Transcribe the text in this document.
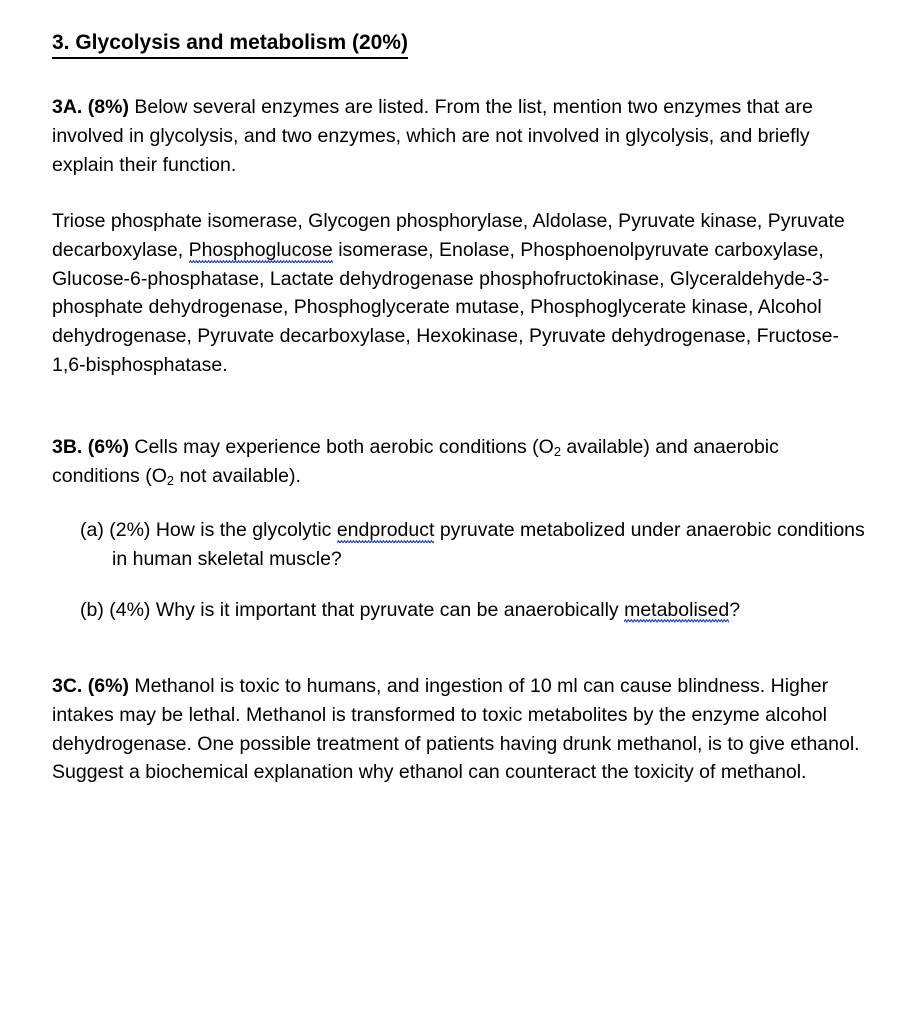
3. Glycolysis and metabolism (20%)

3A. (8%) Below several enzymes are listed. From the list, mention two enzymes that are involved in glycolysis, and two enzymes, which are not involved in glycolysis, and briefly explain their function.

Triose phosphate isomerase, Glycogen phosphorylase, Aldolase, Pyruvate kinase, Pyruvate decarboxylase, Phosphoglucose isomerase, Enolase, Phosphoenolpyruvate carboxylase, Glucose-6-phosphatase, Lactate dehydrogenase phosphofructokinase, Glyceraldehyde-3-phosphate dehydrogenase, Phosphoglycerate mutase, Phosphoglycerate kinase, Alcohol dehydrogenase, Pyruvate decarboxylase, Hexokinase, Pyruvate dehydrogenase, Fructose-1,6-bisphosphatase.

3B. (6%) Cells may experience both aerobic conditions ($O_2$ available) and anaerobic conditions ($O_2$ not available).

(a) (2%) How is the glycolytic endproduct pyruvate metabolized under anaerobic conditions in human skeletal muscle?

(b) (4%) Why is it important that pyruvate can be anaerobically metabolised?

3C. (6%) Methanol is toxic to humans, and ingestion of 10 ml can cause blindness. Higher intakes may be lethal. Methanol is transformed to toxic metabolites by the enzyme alcohol dehydrogenase. One possible treatment of patients having drunk methanol, is to give ethanol. Suggest a biochemical explanation why ethanol can counteract the toxicity of methanol.
